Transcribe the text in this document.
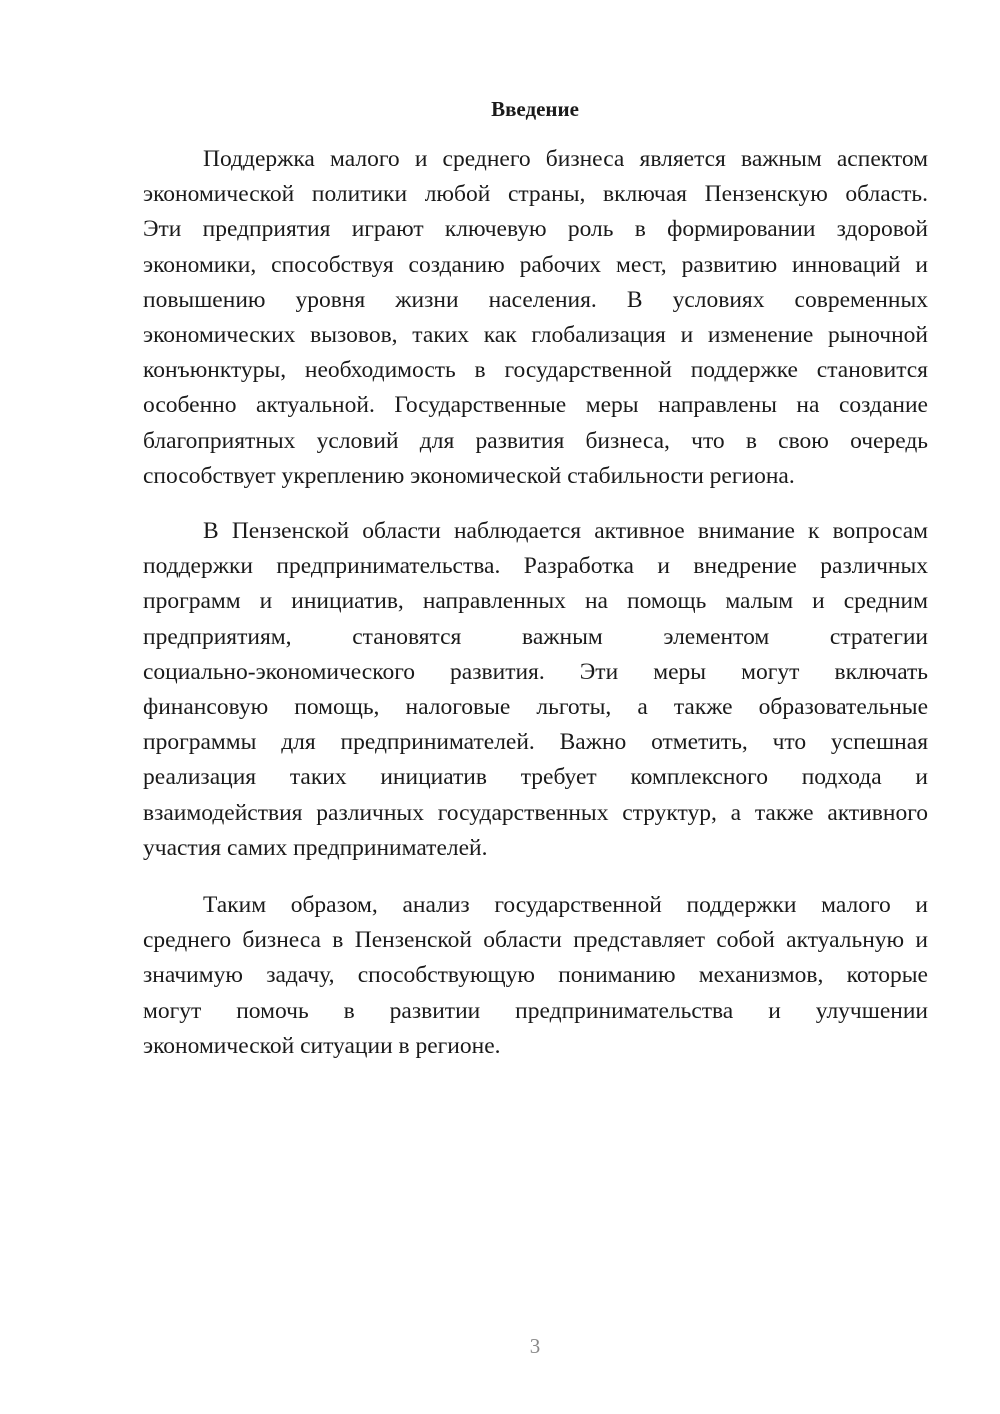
Введение
Поддержка малого и среднего бизнеса является важным аспектом
экономической политики любой страны, включая Пензенскую область.
Эти предприятия играют ключевую роль в формировании здоровой
экономики, способствуя созданию рабочих мест, развитию инноваций и
повышению уровня жизни населения. В условиях современных
экономических вызовов, таких как глобализация и изменение рыночной
конъюнктуры, необходимость в государственной поддержке становится
особенно актуальной. Государственные меры направлены на создание
благоприятных условий для развития бизнеса, что в свою очередь
способствует укреплению экономической стабильности региона.
В Пензенской области наблюдается активное внимание к вопросам
поддержки предпринимательства. Разработка и внедрение различных
программ и инициатив, направленных на помощь малым и средним
предприятиям, становятся важным элементом стратегии
социально-экономического развития. Эти меры могут включать
финансовую помощь, налоговые льготы, а также образовательные
программы для предпринимателей. Важно отметить, что успешная
реализация таких инициатив требует комплексного подхода и
взаимодействия различных государственных структур, а также активного
участия самих предпринимателей.
Таким образом, анализ государственной поддержки малого и
среднего бизнеса в Пензенской области представляет собой актуальную и
значимую задачу, способствующую пониманию механизмов, которые
могут помочь в развитии предпринимательства и улучшении
экономической ситуации в регионе.
3
